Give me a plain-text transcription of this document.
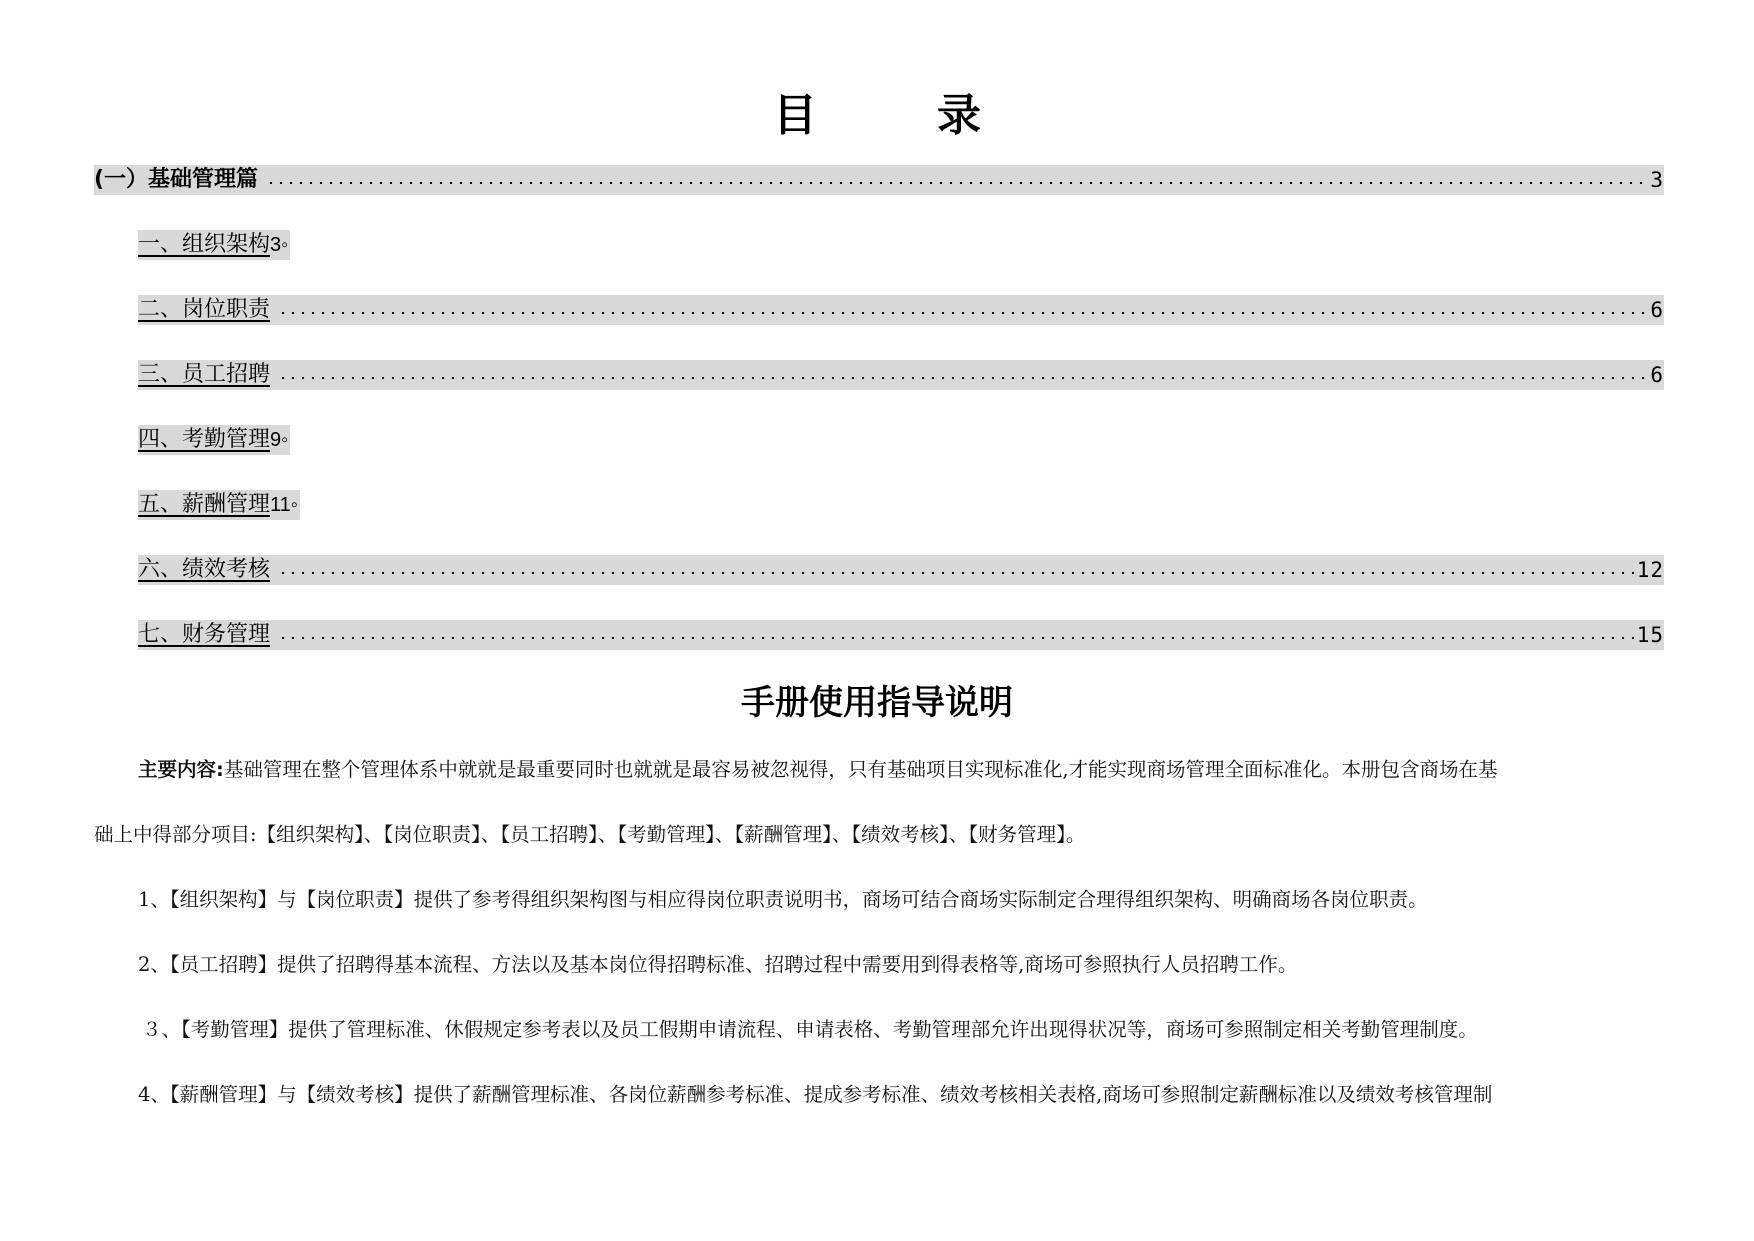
目录
(一）基础管理篇	3
一、组织架构 3◦
二、岗位职责	6
三、员工招聘	6
四、考勤管理 9◦
五、薪酬管理 11◦
六、绩效考核	12
七、财务管理	15
手册使用指导说明
主要内容:基础管理在整个管理体系中就就是最重要同时也就就是最容易被忽视得，只有基础项目实现标准化,才能实现商场管理全面标准化。本册包含商场在基
础上中得部分项目:【组织架构】、【岗位职责】、【员工招聘】、【考勤管理】、【薪酬管理】、【绩效考核】、【财务管理】。
1、【组织架构】与【岗位职责】提供了参考得组织架构图与相应得岗位职责说明书，商场可结合商场实际制定合理得组织架构、明确商场各岗位职责。
2、【员工招聘】提供了招聘得基本流程、方法以及基本岗位得招聘标准、招聘过程中需要用到得表格等,商场可参照执行人员招聘工作。
３、【考勤管理】提供了管理标准、休假规定参考表以及员工假期申请流程、申请表格、考勤管理部允许出现得状况等，商场可参照制定相关考勤管理制度。
4、【薪酬管理】与【绩效考核】提供了薪酬管理标准、各岗位薪酬参考标准、提成参考标准、绩效考核相关表格,商场可参照制定薪酬标准以及绩效考核管理制
